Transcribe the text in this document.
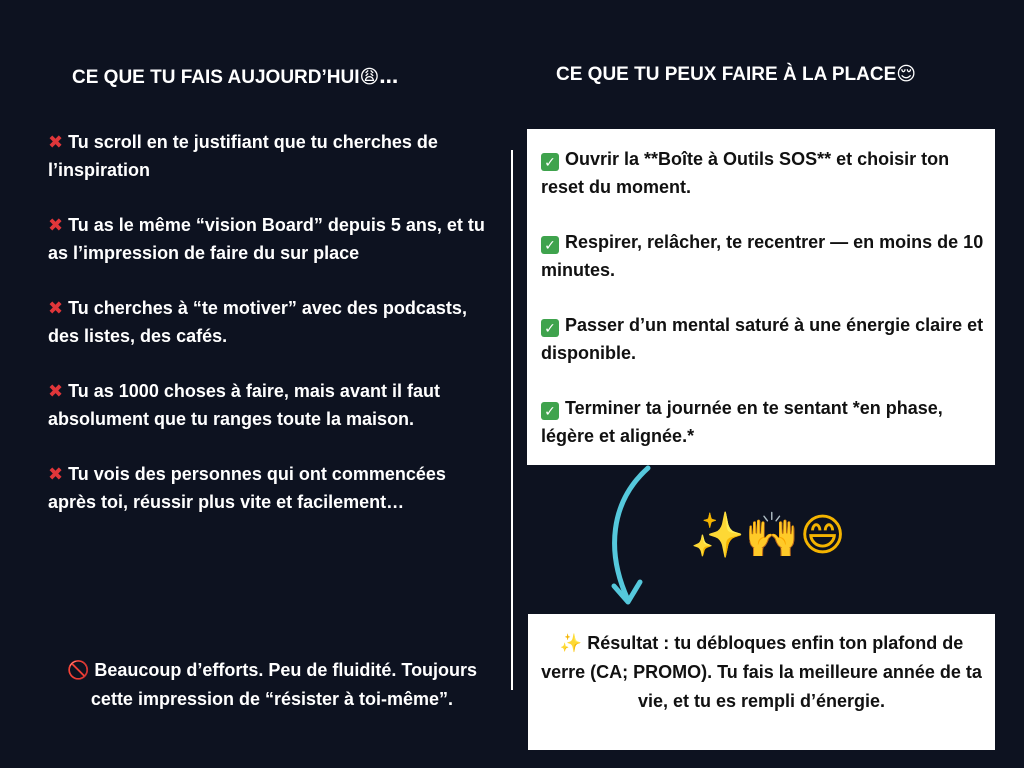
CE QUE TU FAIS AUJOURD’HUI😩…	CE QUE TU PEUX FAIRE À LA PLACE😌
✖ Tu scroll en te justifiant que tu cherches de l’inspiration
✖ Tu as le même “vision Board” depuis 5 ans, et tu as l’impression de faire du sur place
✖ Tu cherches à “te motiver” avec des podcasts, des listes, des cafés.
✖ Tu as 1000 choses à faire, mais avant il faut absolument que tu ranges toute la maison.
✖ Tu vois des personnes qui ont commencées après toi, réussir plus vite et facilement…
🚫 Beaucoup d’efforts. Peu de fluidité. Toujours cette impression de “résister à toi-même”.
✓ Ouvrir la **Boîte à Outils SOS** et choisir ton reset du moment.
✓ Respirer, relâcher, te recentrer — en moins de 10 minutes.
✓ Passer d’un mental saturé à une énergie claire et disponible.
✓ Terminer ta journée en te sentant *en phase, légère et alignée.*
✨🙌😄
✨ Résultat : tu débloques enfin ton plafond de verre (CA; PROMO). Tu fais la meilleure année de ta vie, et tu es rempli d’énergie.
